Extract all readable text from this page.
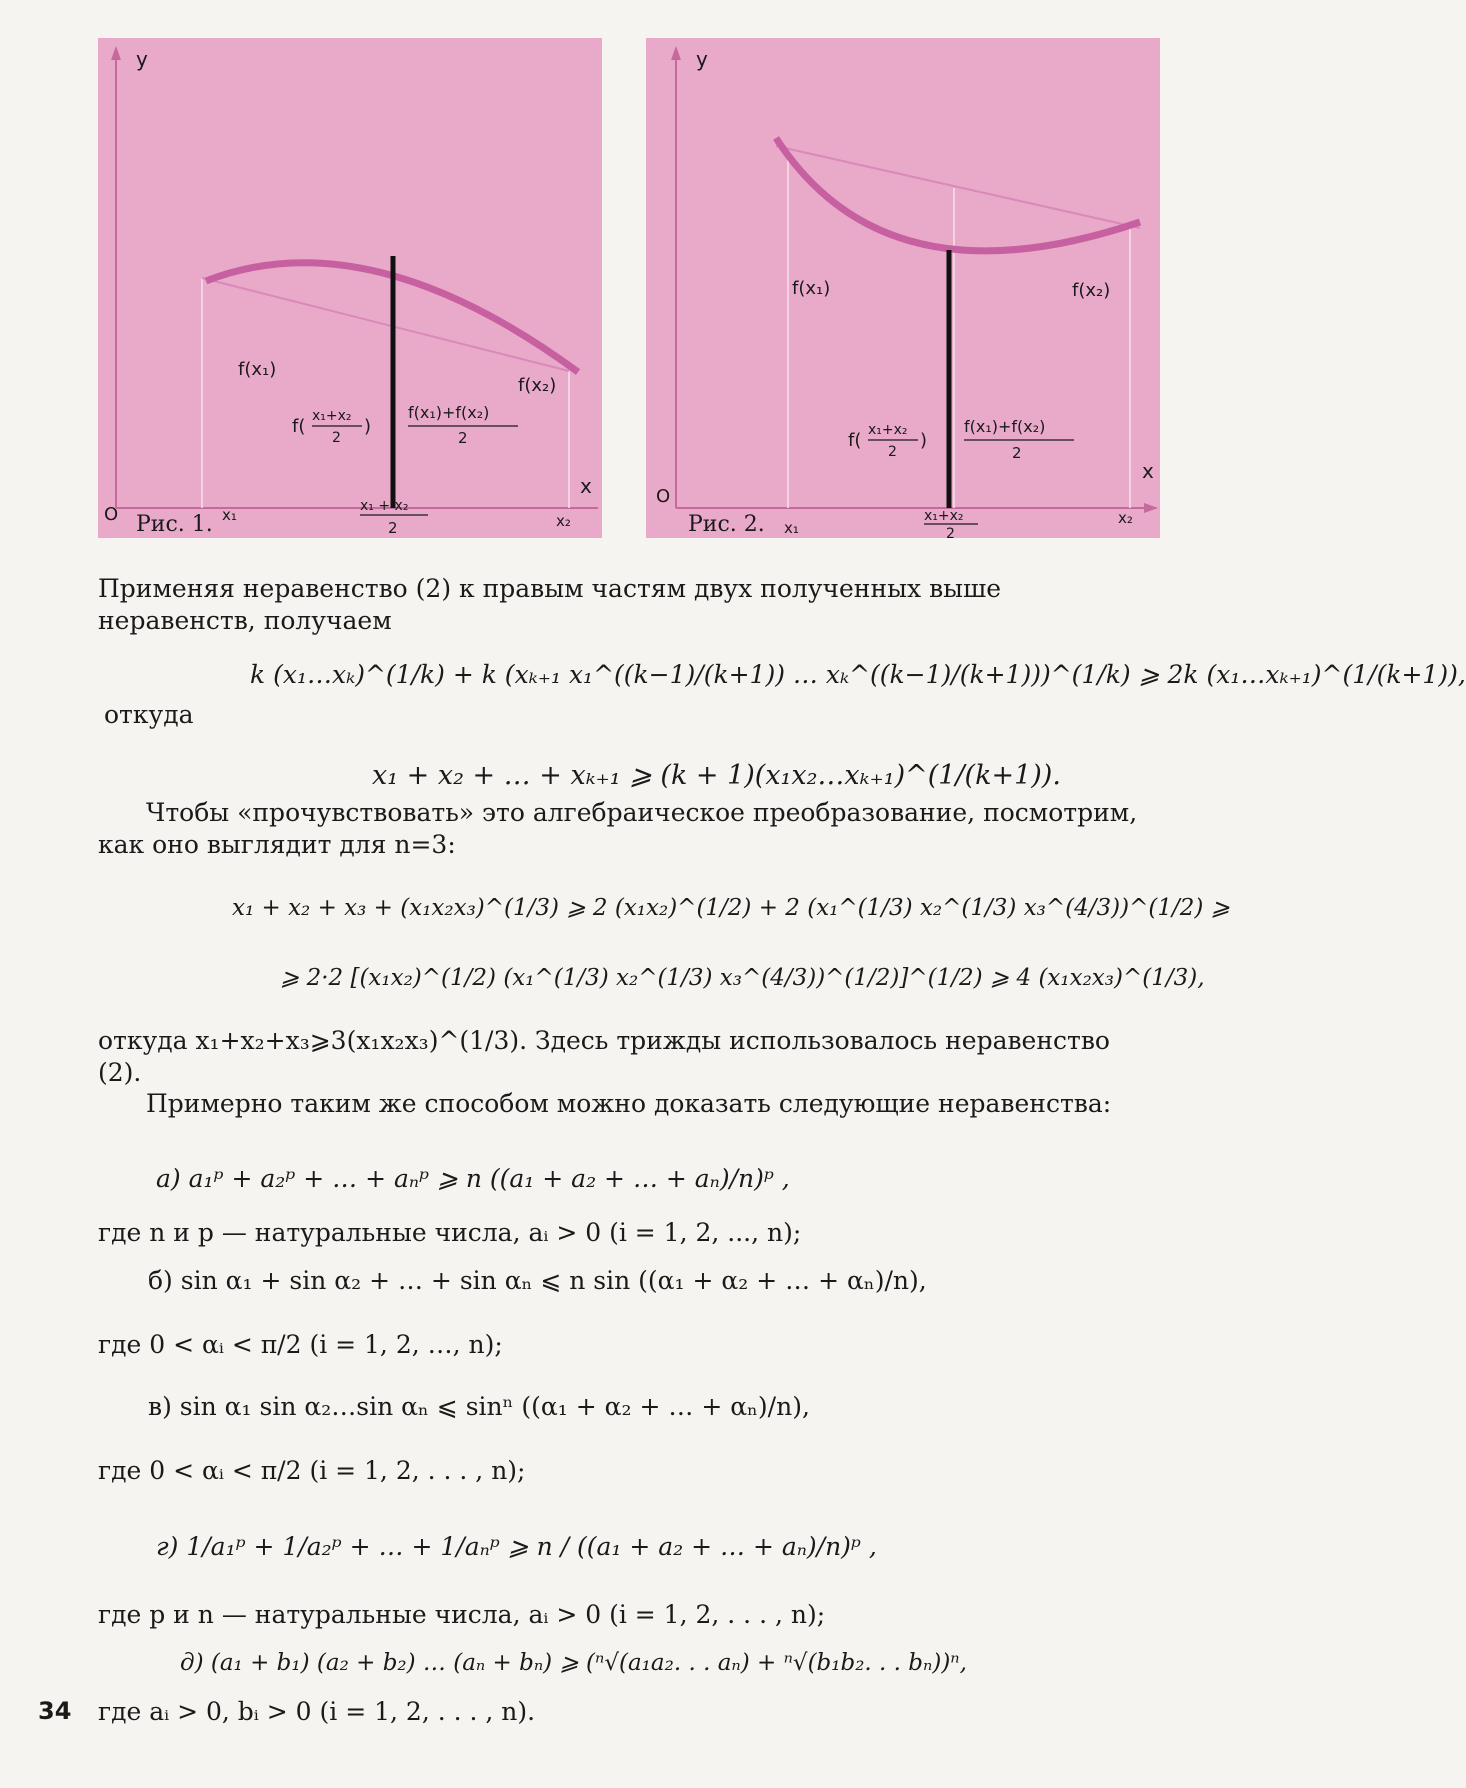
y
x
O Рис. 1. x₁	x₂
x₁ + x₂
2
f(x₁)
f(x₂)
f( x₁+x₂
2
)
f(x₁)+f(x₂)
2
y
x
O
Рис. 2. x₁
x₂
x₁+x₂
2
f(x₁)	f(x₂)
f( x₁+x₂
2
)
f(x₁)+f(x₂)
2
Применяя неравенство (2) к правым частям двух полученных выше неравенств, получаем
k (x₁…xₖ)^(1/k) + k (xₖ₊₁ x₁^((k−1)/(k+1)) … xₖ^((k−1)/(k+1)))^(1/k) ⩾ 2k (x₁…xₖ₊₁)^(1/(k+1)),
откуда
x₁ + x₂ + … + xₖ₊₁ ⩾ (k + 1)(x₁x₂…xₖ₊₁)^(1/(k+1)).
Чтобы «прочувствовать» это алгебраическое преобразование, посмотрим, как оно выглядит для n=3:
x₁ + x₂ + x₃ + (x₁x₂x₃)^(1/3) ⩾ 2 (x₁x₂)^(1/2) + 2 (x₁^(1/3) x₂^(1/3) x₃^(4/3))^(1/2) ⩾
⩾ 2·2 [(x₁x₂)^(1/2) (x₁^(1/3) x₂^(1/3) x₃^(4/3))^(1/2)]^(1/2) ⩾ 4 (x₁x₂x₃)^(1/3),
откуда x₁+x₂+x₃⩾3(x₁x₂x₃)^(1/3). Здесь трижды использовалось неравенство (2).
Примерно таким же способом можно доказать следующие неравенства:
а) a₁ᵖ + a₂ᵖ + … + aₙᵖ ⩾ n ((a₁ + a₂ + … + aₙ)/n)ᵖ ,
где n и p — натуральные числа, aᵢ > 0 (i = 1, 2, ..., n);
б) sin α₁ + sin α₂ + … + sin αₙ ⩽ n sin ((α₁ + α₂ + … + αₙ)/n),
где 0 < αᵢ < π/2 (i = 1, 2, …, n);
в) sin α₁ sin α₂…sin αₙ ⩽ sinⁿ ((α₁ + α₂ + … + αₙ)/n),
где 0 < αᵢ < π/2 (i = 1, 2, . . . , n);
г) 1/a₁ᵖ + 1/a₂ᵖ + … + 1/aₙᵖ ⩾ n / ((a₁ + a₂ + … + aₙ)/n)ᵖ ,
где p и n — натуральные числа, aᵢ > 0 (i = 1, 2, . . . , n);
д) (a₁ + b₁) (a₂ + b₂) … (aₙ + bₙ) ⩾ (ⁿ√(a₁a₂. . . aₙ) + ⁿ√(b₁b₂. . . bₙ))ⁿ,
где aᵢ > 0, bᵢ > 0 (i = 1, 2, . . . , n).
34
